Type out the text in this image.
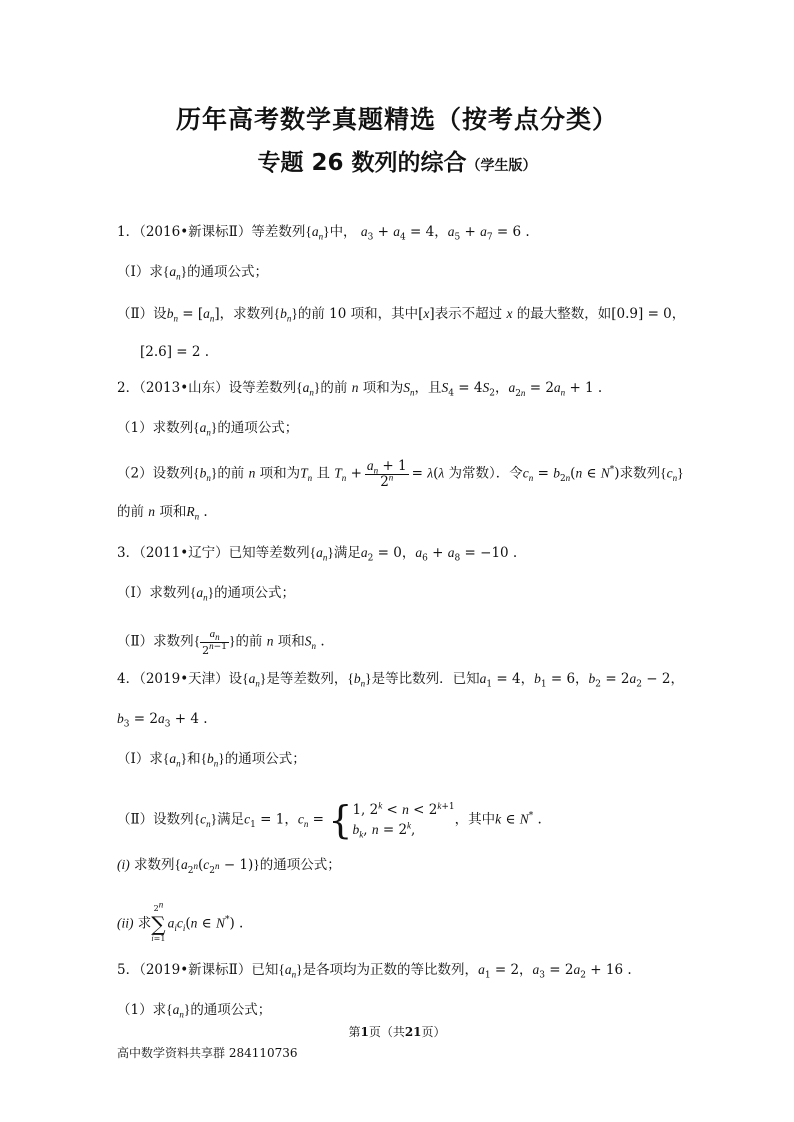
历年高考数学真题精选（按考点分类）
专题 26 数列的综合（学生版）
1．（2016•新课标Ⅱ）等差数列$\{a_n\}$中， $a_3 + a_4 = 4$，$a_5 + a_7 = 6$ .
（Ⅰ）求$\{a_n\}$的通项公式；
（Ⅱ）设$b_n = [a_n]$，求数列$\{b_n\}$的前 10 项和，其中[x]表示不超过 x 的最大整数，如[0.9] = 0，
[2.6] = 2 .
2．（2013•山东）设等差数列$\{a_n\}$的前 n 项和为$S_n$，且$S_4 = 4S_2$，$a_{2n} = 2a_n + 1$ .
（1）求数列$\{a_n\}$的通项公式；
（2）设数列$\{b_n\}$的前 n 项和为$T_n$ 且 $T_n + \frac{a_n + 1}{2^n} = \lambda(\lambda$ 为常数）．令$c_n = b_{2n}(n$ ∈ N*)求数列$\{c_n\}$
的前 n 项和$R_n$ .
3．（2011•辽宁）已知等差数列$\{a_n\}$满足$a_2 = 0$，$a_6 + a_8 = -10$ .
（Ⅰ）求数列$\{a_n\}$的通项公式；
（Ⅱ）求数列{ $\frac{a_n}{2^{n-1}}$ }的前 n 项和$S_n$ .
4．（2019•天津）设$\{a_n\}$是等差数列，$\{b_n\}$是等比数列．已知$a_1 = 4$，$b_1 = 6$，$b_2 = 2a_2 - 2$，
$b_3 = 2a_3 + 4$ .
（Ⅰ）求$\{a_n\}$和$\{b_n\}$的通项公式；
（Ⅱ）设数列$\{c_n\}$满足$c_1 = 1$，$c_n$ = { 1, $2^k < n < 2^{k+1}$
$b_k$, $n = 2^k$,
，其中k ∈ N* .
(i) 求数列$\{a_{2^n}(c_{2^n} - 1)\}$的通项公式；
(ii) 求
2$^n$
∑
i=1
$a_ic_i(n$ ∈ N*) .
5．（2019•新课标Ⅱ）已知$\{a_n\}$是各项均为正数的等比数列，$a_1 = 2$，$a_3 = 2a_2 + 16$ .
（1）求$\{a_n\}$的通项公式；
第1页（共21页）
高中数学资料共享群 284110736
